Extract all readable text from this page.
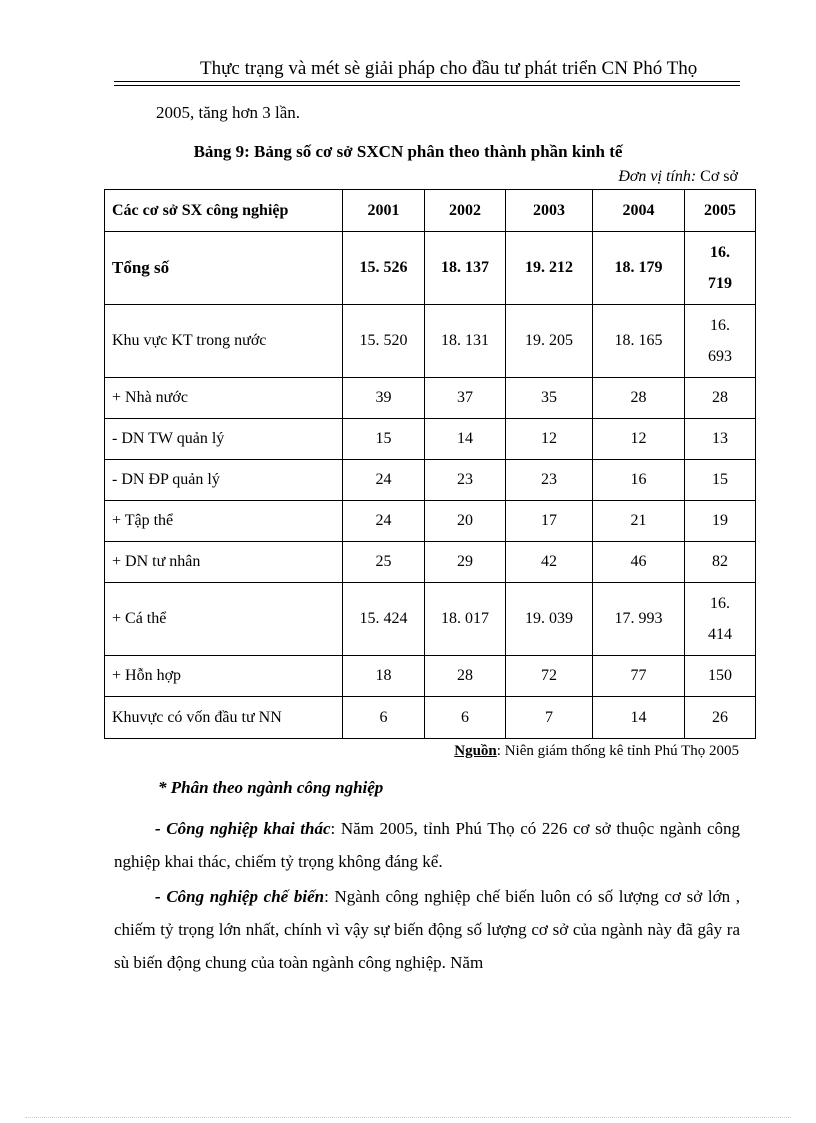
Thực trạng và mét sè giải pháp cho đầu tư phát triển CN Phó Thọ
2005, tăng hơn 3 lần.
Bảng 9: Bảng số cơ sở SXCN phân theo thành phần kinh tế
Đơn vị tính: Cơ sở
Các cơ sở SX công nghiệp	2001	2002	2003	2004	2005
Tổng số	15. 526	18. 137	19. 212	18. 179	16.
719

Khu vực KT trong nước	15. 520	18. 131	19. 205	18. 165	16.
693

+ Nhà nước	39	37	35	28	28
- DN TW quản lý	15	14	12	12	13
- DN ĐP quản lý	24	23	23	16	15
+ Tập thể	24	20	17	21	19
+ DN tư nhân	25	29	42	46	82
+ Cá thể	15. 424	18. 017	19. 039	17. 993	16.
414

+ Hỗn hợp	18	28	72	77	150
Khuvực có vốn đầu tư NN	6	6	7	14	26
Nguồn: Niên giám thống kê tỉnh Phú Thọ 2005
* Phân theo ngành công nghiệp
- Công nghiệp khai thác: Năm 2005, tỉnh Phú Thọ có 226 cơ sở thuộc ngành công nghiệp khai thác, chiếm tỷ trọng không đáng kể.
- Công nghiệp chế biến: Ngành công nghiệp chế biến luôn có số lượng cơ sở lớn , chiếm tỷ trọng lớn nhất, chính vì vậy sự biến động số lượng cơ sở của ngành này đã gây ra sù biến động chung của toàn ngành công nghiệp. Năm
